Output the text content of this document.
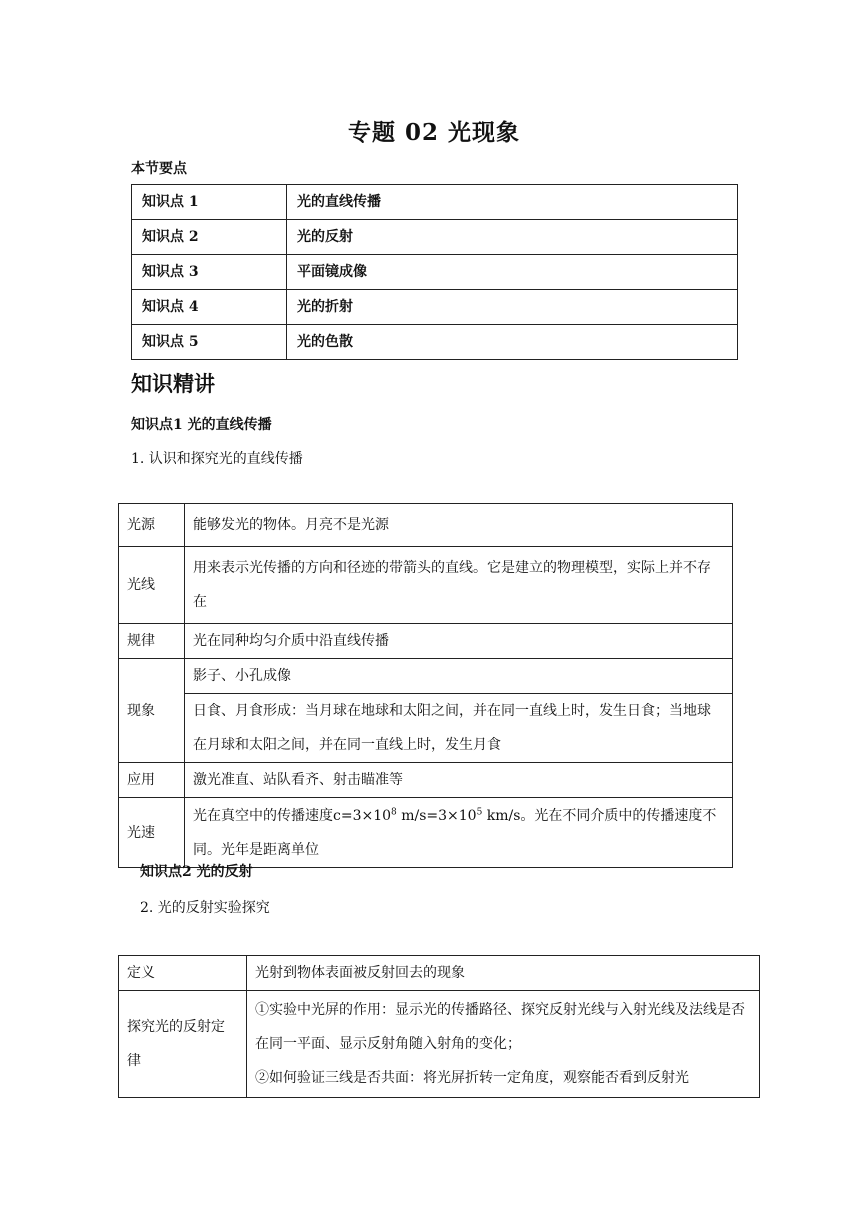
专题 02 光现象
本节要点
知识点 1	光的直线传播
知识点 2	光的反射
知识点 3	平面镜成像
知识点 4	光的折射
知识点 5	光的色散
知识精讲
知识点1 光的直线传播
1. 认识和探究光的直线传播
光源	能够发光的物体。月亮不是光源
光线	用来表示光传播的方向和径迹的带箭头的直线。它是建立的物理模型，实际上并不存在
规律	光在同种均匀介质中沿直线传播
现象	影子、小孔成像
	日食、月食形成：当月球在地球和太阳之间，并在同一直线上时，发生日食；当地球在月球和太阳之间，并在同一直线上时，发生月食
应用	激光准直、站队看齐、射击瞄准等
光速	光在真空中的传播速度$c=3\times 10^8$ $m/s=3\times 10^5$ km/s。光在不同介质中的传播速度不同。光年是距离单位
知识点2 光的反射
2. 光的反射实验探究
定义	光射到物体表面被反射回去的现象
探究光的反射定律	①实验中光屏的作用：显示光的传播路径、探究反射光线与入射光线及法线是否在同一平面、显示反射角随入射角的变化；
②如何验证三线是否共面：将光屏折转一定角度，观察能否看到反射光
